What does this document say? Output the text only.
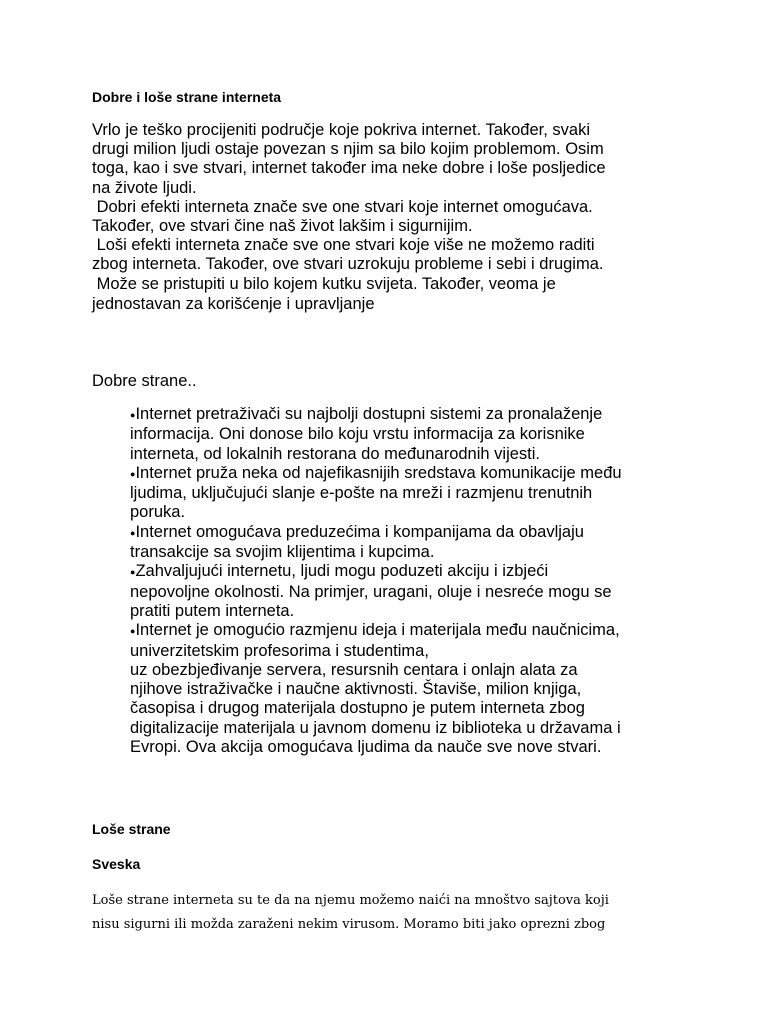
Dobre i loše strane interneta
Vrlo je teško procijeniti područje koje pokriva internet. Također, svaki
drugi milion ljudi ostaje povezan s njim sa bilo kojim problemom. Osim
toga, kao i sve stvari, internet također ima neke dobre i loše posljedice
na živote ljudi.
Dobri efekti interneta znače sve one stvari koje internet omogućava.
Također, ove stvari čine naš život lakšim i sigurnijim.
Loši efekti interneta znače sve one stvari koje više ne možemo raditi
zbog interneta. Također, ove stvari uzrokuju probleme i sebi i drugima.
Može se pristupiti u bilo kojem kutku svijeta. Također, veoma je
jednostavan za korišćenje i upravljanje
Dobre strane..
●Internet pretraživači su najbolji dostupni sistemi za pronalaženje
informacija. Oni donose bilo koju vrstu informacija za korisnike
interneta, od lokalnih restorana do međunarodnih vijesti.
●Internet pruža neka od najefikasnijih sredstava komunikacije među
ljudima, uključujući slanje e-pošte na mreži i razmjenu trenutnih
poruka.
●Internet omogućava preduzećima i kompanijama da obavljaju
transakcije sa svojim klijentima i kupcima.
●Zahvaljujući internetu, ljudi mogu poduzeti akciju i izbjeći
nepovoljne okolnosti. Na primjer, uragani, oluje i nesreće mogu se
pratiti putem interneta.
●Internet je omogućio razmjenu ideja i materijala među naučnicima,
univerzitetskim profesorima i studentima,
uz obezbjeđivanje servera, resursnih centara i onlajn alata za
njihove istraživačke i naučne aktivnosti. Štaviše, milion knjiga,
časopisa i drugog materijala dostupno je putem interneta zbog
digitalizacije materijala u javnom domenu iz biblioteka u državama i
Evropi. Ova akcija omogućava ljudima da nauče sve nove stvari.
Loše strane
Sveska
Loše strane interneta su te da na njemu možemo naići na mnoštvo sajtova koji
nisu sigurni ili možda zaraženi nekim virusom. Moramo biti jako oprezni zbog
